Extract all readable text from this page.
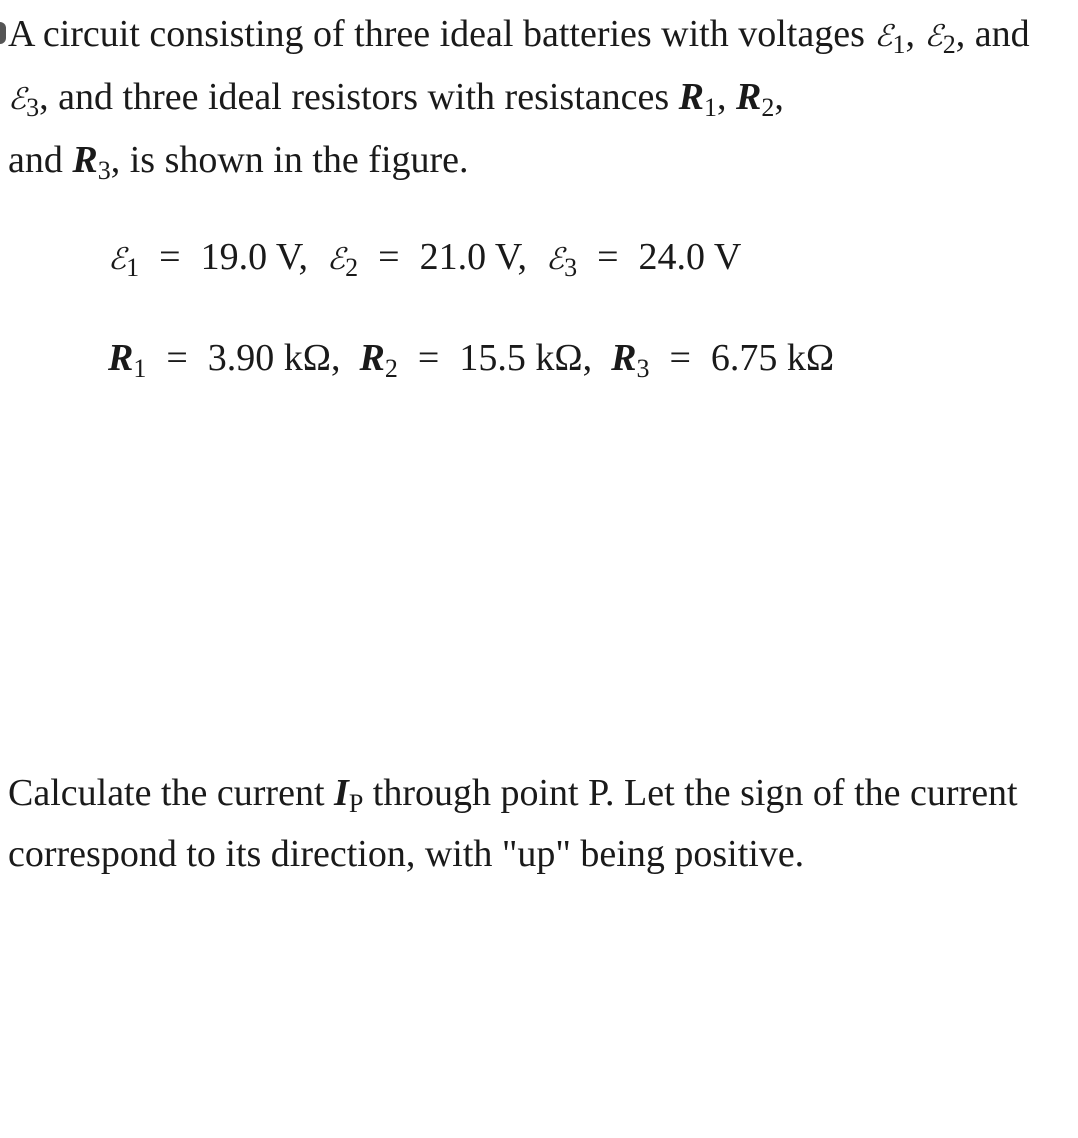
A circuit consisting of three ideal batteries with voltages ℰ$_1$, ℰ$_2$, and ℰ$_3$, and three ideal resistors with resistances $R_1$, $R_2$,
and $R_3$, is shown in the figure.

ℰ$_1$ = 19.0 V,  ℰ$_2$ = 21.0 V,  ℰ$_3$ = 24.0 V
$R_1 = 3.90$ kΩ,  $R_2 = 15.5$ kΩ,  $R_3 = 6.75$ kΩ

Calculate the current $I_P$ through point P. Let the sign of the current correspond to its direction, with "up" being positive.
